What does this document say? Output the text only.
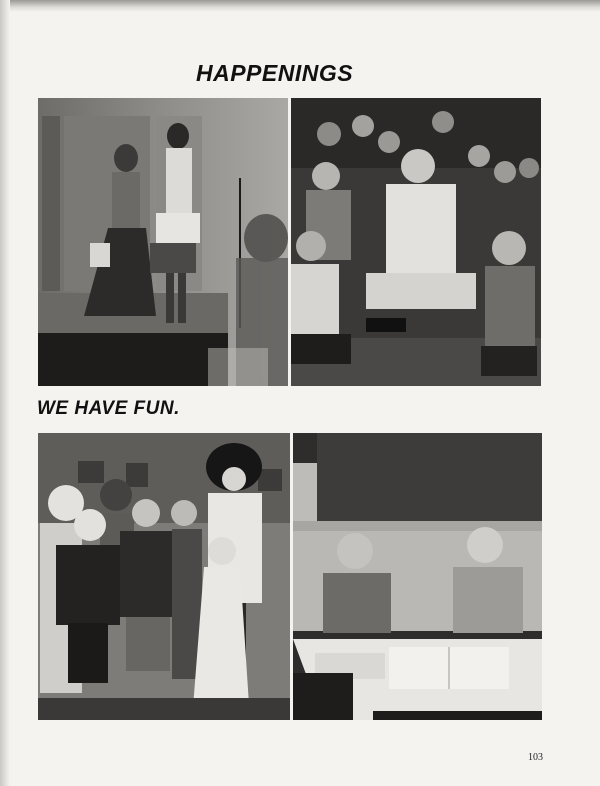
HAPPENINGS
WE HAVE FUN.
103
